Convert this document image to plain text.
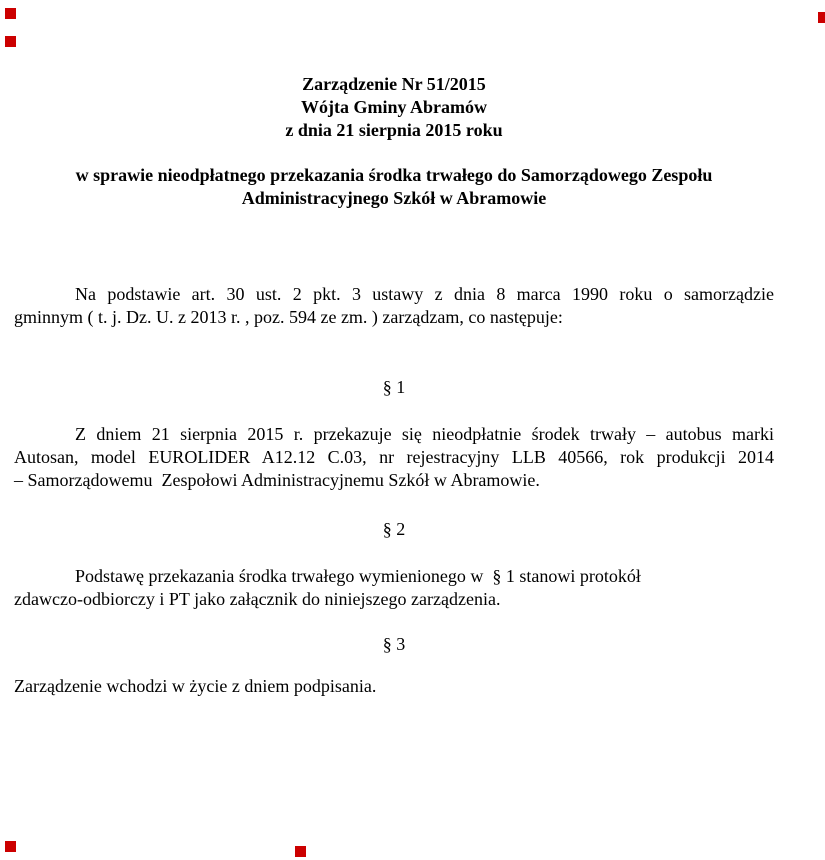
Zarządzenie Nr 51/2015
Wójta Gminy Abramów
z dnia 21 sierpnia 2015 roku
w sprawie nieodpłatnego przekazania środka trwałego do Samorządowego Zespołu
Administracyjnego Szkół w Abramowie
Na podstawie art. 30 ust. 2 pkt. 3 ustawy z dnia 8 marca 1990 roku o samorządzie
gminnym ( t. j. Dz. U. z 2013 r. , poz. 594 ze zm. ) zarządzam, co następuje:
§ 1
Z dniem 21 sierpnia 2015 r. przekazuje się nieodpłatnie środek trwały – autobus marki
Autosan, model EUROLIDER A12.12 C.03, nr rejestracyjny LLB 40566, rok produkcji 2014
– Samorządowemu  Zespołowi Administracyjnemu Szkół w Abramowie.
§ 2
Podstawę przekazania środka trwałego wymienionego w  § 1 stanowi protokół
zdawczo-odbiorczy i PT jako załącznik do niniejszego zarządzenia.
§ 3
Zarządzenie wchodzi w życie z dniem podpisania.
